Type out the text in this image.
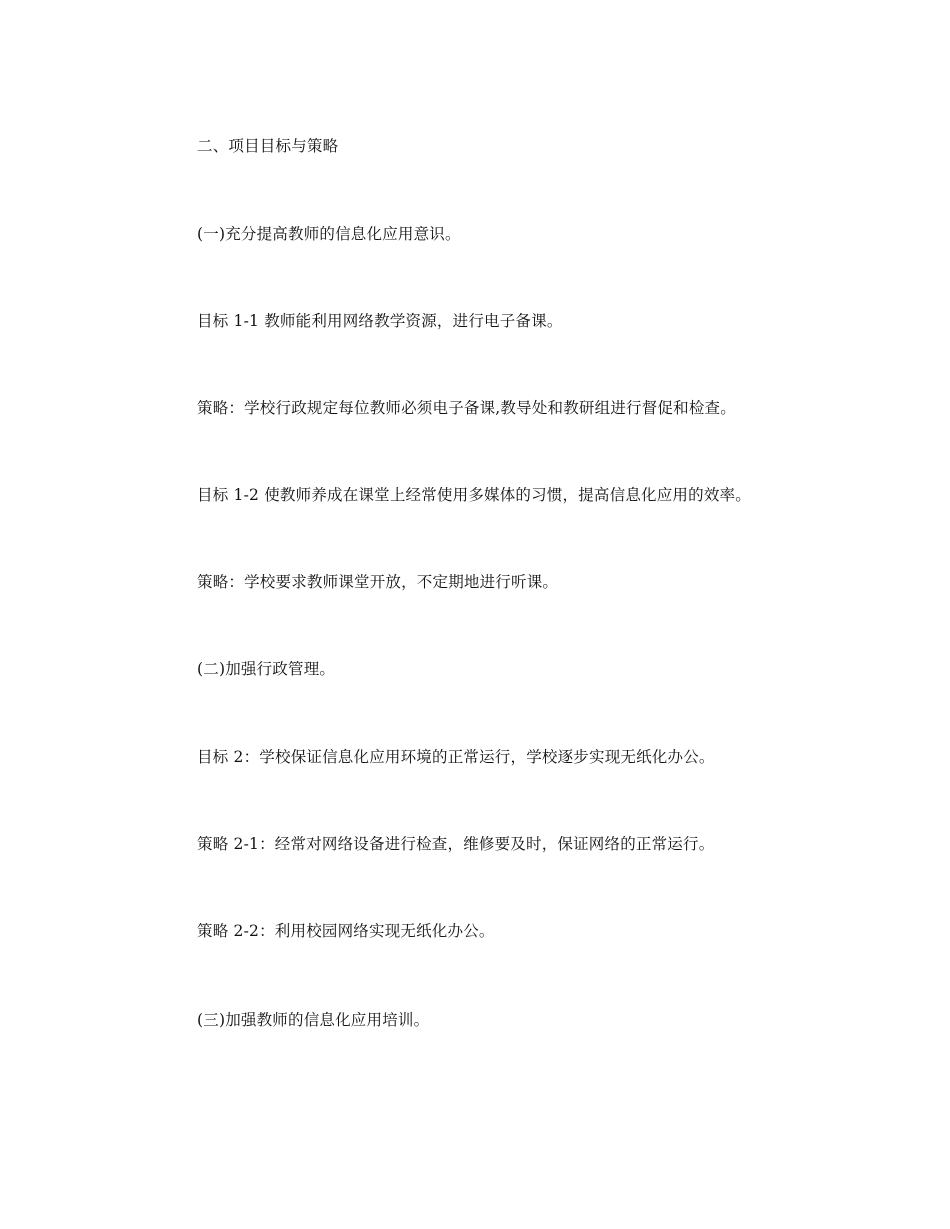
二、项目目标与策略
(一)充分提高教师的信息化应用意识。
目标 1-1 教师能利用网络教学资源，进行电子备课。
策略：学校行政规定每位教师必须电子备课,教导处和教研组进行督促和检查。
目标 1-2 使教师养成在课堂上经常使用多媒体的习惯，提高信息化应用的效率。
策略：学校要求教师课堂开放，不定期地进行听课。
(二)加强行政管理。
目标 2：学校保证信息化应用环境的正常运行，学校逐步实现无纸化办公。
策略 2-1：经常对网络设备进行检查，维修要及时，保证网络的正常运行。
策略 2-2：利用校园网络实现无纸化办公。
(三)加强教师的信息化应用培训。
